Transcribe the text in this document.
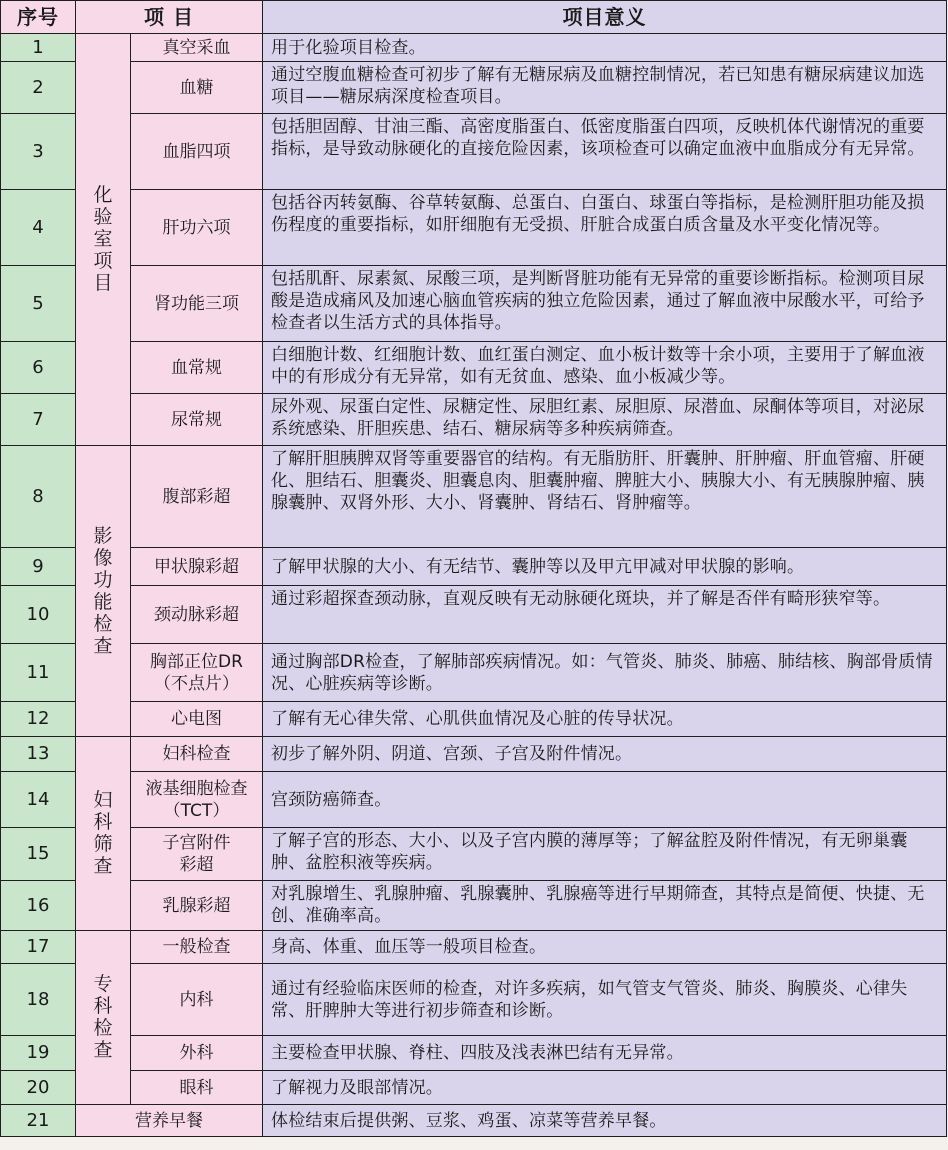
序号	项 目		项目意义
1	化验室项目	真空采血	用于化验项目检查。
2		血糖	通过空腹血糖检查可初步了解有无糖尿病及血糖控制情况，若已知患有糖尿病建议加选项目——糖尿病深度检查项目。
3		血脂四项	包括胆固醇、甘油三酯、高密度脂蛋白、低密度脂蛋白四项，反映机体代谢情况的重要指标，是导致动脉硬化的直接危险因素，该项检查可以确定血液中血脂成分有无异常。
4		肝功六项	包括谷丙转氨酶、谷草转氨酶、总蛋白、白蛋白、球蛋白等指标，是检测肝胆功能及损伤程度的重要指标，如肝细胞有无受损、肝脏合成蛋白质含量及水平变化情况等。
5		肾功能三项	包括肌酐、尿素氮、尿酸三项，是判断肾脏功能有无异常的重要诊断指标。检测项目尿酸是造成痛风及加速心脑血管疾病的独立危险因素，通过了解血液中尿酸水平，可给予检查者以生活方式的具体指导。
6		血常规	白细胞计数、红细胞计数、血红蛋白测定、血小板计数等十余小项，主要用于了解血液中的有形成分有无异常，如有无贫血、感染、血小板减少等。
7		尿常规	尿外观、尿蛋白定性、尿糖定性、尿胆红素、尿胆原、尿潜血、尿酮体等项目，对泌尿系统感染、肝胆疾患、结石、糖尿病等多种疾病筛查。
8	影像功能检查	腹部彩超	了解肝胆胰脾双肾等重要器官的结构。有无脂肪肝、肝囊肿、肝肿瘤、肝血管瘤、肝硬化、胆结石、胆囊炎、胆囊息肉、胆囊肿瘤、脾脏大小、胰腺大小、有无胰腺肿瘤、胰腺囊肿、双肾外形、大小、肾囊肿、肾结石、肾肿瘤等。
9		甲状腺彩超	了解甲状腺的大小、有无结节、囊肿等以及甲亢甲减对甲状腺的影响。
10		颈动脉彩超	通过彩超探查颈动脉，直观反映有无动脉硬化斑块，并了解是否伴有畸形狭窄等。
11		胸部正位DR
（不点片）	通过胸部DR检查，了解肺部疾病情况。如：气管炎、肺炎、肺癌、肺结核、胸部骨质情况、心脏疾病等诊断。
12		心电图	了解有无心律失常、心肌供血情况及心脏的传导状况。
13	妇科筛查	妇科检查	初步了解外阴、阴道、宫颈、子宫及附件情况。
14		液基细胞检查
（TCT）	宫颈防癌筛查。
15		子宫附件
彩超	了解子宫的形态、大小、以及子宫内膜的薄厚等；了解盆腔及附件情况，有无卵巢囊肿、盆腔积液等疾病。
16		乳腺彩超	对乳腺增生、乳腺肿瘤、乳腺囊肿、乳腺癌等进行早期筛查，其特点是简便、快捷、无创、准确率高。
17	专科检查	一般检查	身高、体重、血压等一般项目检查。
18		内科	通过有经验临床医师的检查，对许多疾病，如气管支气管炎、肺炎、胸膜炎、心律失常、肝脾肿大等进行初步筛查和诊断。
19		外科	主要检查甲状腺、脊柱、四肢及浅表淋巴结有无异常。
20		眼科	了解视力及眼部情况。
21	营养早餐		体检结束后提供粥、豆浆、鸡蛋、凉菜等营养早餐。
